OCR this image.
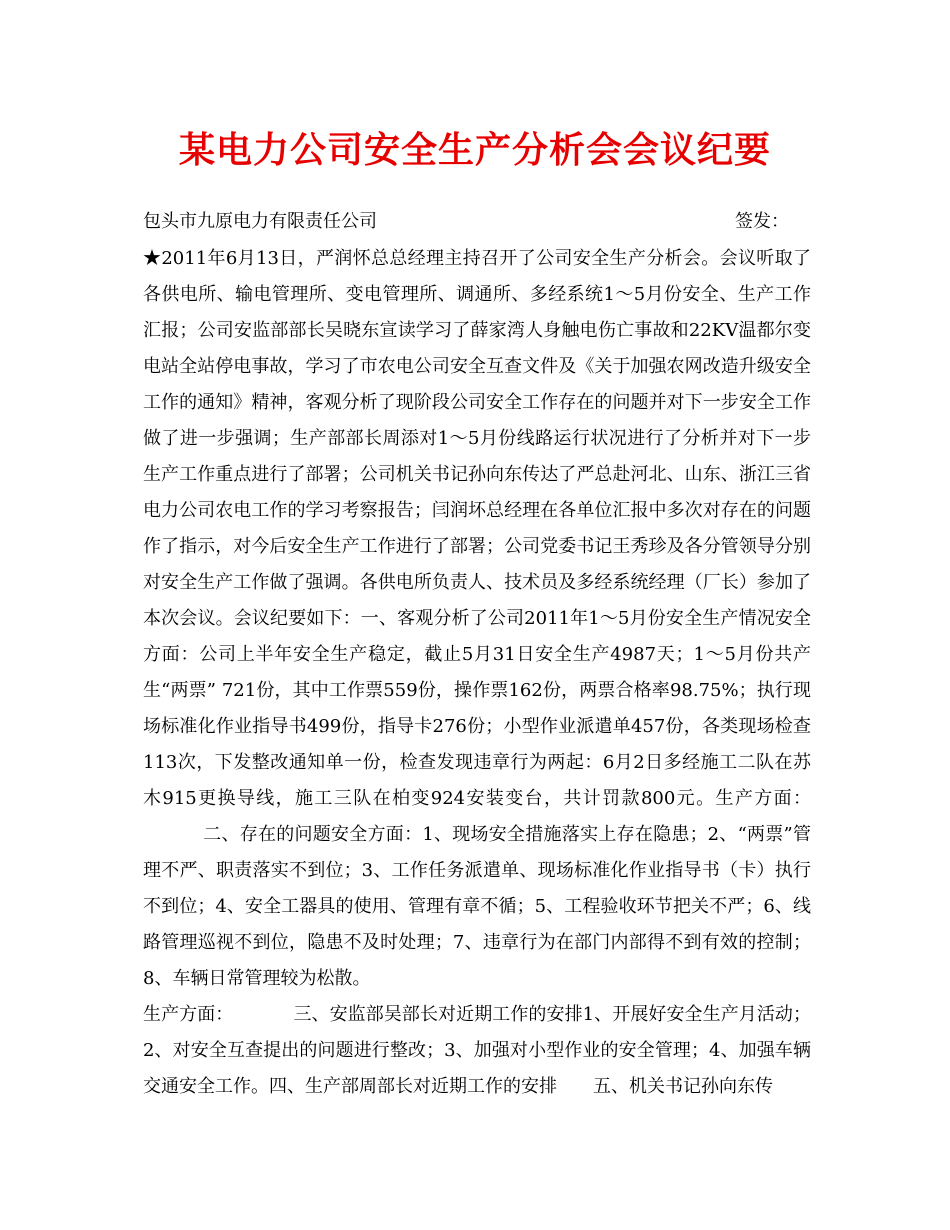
某电力公司安全生产分析会会议纪要
包头市九原电力有限责任公司	签发：

★2011年6月13日，严润怀总总经理主持召开了公司安全生产分析会。会议听取了各供电所、输电管理所、变电管理所、调通所、多经系统1～5月份安全、生产工作汇报；公司安监部部长吴晓东宣读学习了薛家湾人身触电伤亡事故和22KV温都尔变电站全站停电事故，学习了市农电公司安全互查文件及《关于加强农网改造升级安全工作的通知》精神，客观分析了现阶段公司安全工作存在的问题并对下一步安全工作做了进一步强调；生产部部长周添对1～5月份线路运行状况进行了分析并对下一步生产工作重点进行了部署；公司机关书记孙向东传达了严总赴河北、山东、浙江三省电力公司农电工作的学习考察报告；闫润坏总经理在各单位汇报中多次对存在的问题作了指示，对今后安全生产工作进行了部署；公司党委书记王秀珍及各分管领导分别对安全生产工作做了强调。各供电所负责人、技术员及多经系统经理（厂长）参加了本次会议。会议纪要如下：一、客观分析了公司2011年1～5月份安全生产情况安全方面：公司上半年安全生产稳定，截止5月31日安全生产4987天；1～5月份共产生“两票” 721份，其中工作票559份，操作票162份，两票合格率98.75%；执行现场标准化作业指导书499份，指导卡276份；小型作业派遣单457份，各类现场检查113次，下发整改通知单一份，检查发现违章行为两起：6月2日多经施工二队在苏木915更换导线，施工三队在柏变924安装变台，共计罚款800元。生产方面：二、存在的问题安全方面：1、现场安全措施落实上存在隐患；2、“两票”管理不严、职责落实不到位；3、工作任务派遣单、现场标准化作业指导书（卡）执行不到位；4、安全工器具的使用、管理有章不循；5、工程验收环节把关不严；6、线路管理巡视不到位，隐患不及时处理；7、违章行为在部门内部得不到有效的控制；8、车辆日常管理较为松散。

生产方面：	三、安监部吴部长对近期工作的安排1、开展好安全生产月活动；2、对安全互查提出的问题进行整改；3、加强对小型作业的安全管理；4、加强车辆交通安全工作。四、生产部周部长对近期工作的安排 五、机关书记孙向东传
